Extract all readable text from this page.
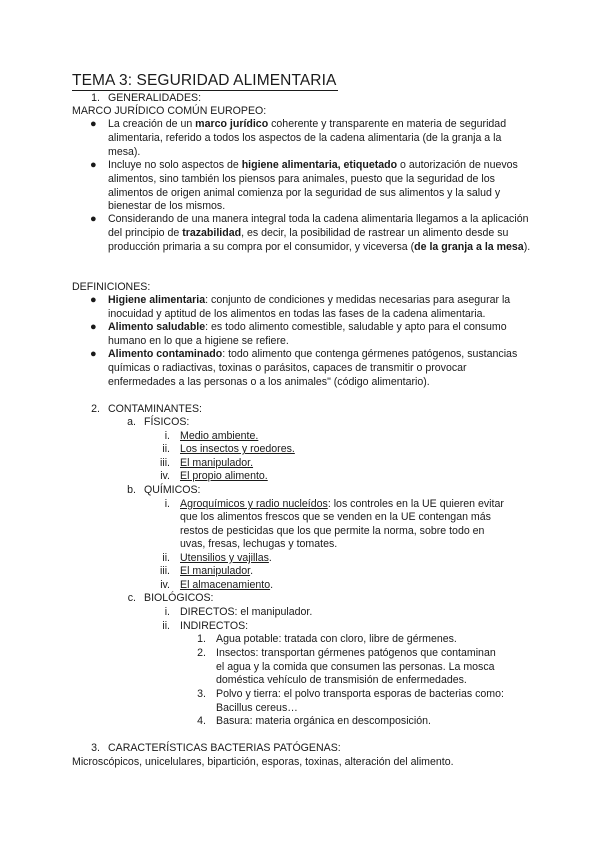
TEMA 3: SEGURIDAD ALIMENTARIA
1. GENERALIDADES:
MARCO JURÍDICO COMÚN EUROPEO:
● La creación de un marco jurídico coherente y transparente en materia de seguridad alimentaria, referido a todos los aspectos de la cadena alimentaria (de la granja a la mesa).
● Incluye no solo aspectos de higiene alimentaria, etiquetado o autorización de nuevos alimentos, sino también los piensos para animales, puesto que la seguridad de los alimentos de origen animal comienza por la seguridad de sus alimentos y la salud y bienestar de los mismos.
● Considerando de una manera integral toda la cadena alimentaria llegamos a la aplicación del principio de trazabilidad, es decir, la posibilidad de rastrear un alimento desde su producción primaria a su compra por el consumidor, y viceversa (de la granja a la mesa).
DEFINICIONES:
● Higiene alimentaria: conjunto de condiciones y medidas necesarias para asegurar la inocuidad y aptitud de los alimentos en todas las fases de la cadena alimentaria.
● Alimento saludable: es todo alimento comestible, saludable y apto para el consumo humano en lo que a higiene se refiere.
● Alimento contaminado: todo alimento que contenga gérmenes patógenos, sustancias químicas o radiactivas, toxinas o parásitos, capaces de transmitir o provocar enfermedades a las personas o a los animales" (código alimentario).
2. CONTAMINANTES:
a. FÍSICOS:
i. Medio ambiente.
ii. Los insectos y roedores.
iii. El manipulador.
iv. El propio alimento.
b. QUÍMICOS:
i. Agroquímicos y radio nucleídos: los controles en la UE quieren evitar que los alimentos frescos que se venden en la UE contengan más restos de pesticidas que los que permite la norma, sobre todo en uvas, fresas, lechugas y tomates.
ii. Utensilios y vajillas.
iii. El manipulador.
iv. El almacenamiento.
c. BIOLÓGICOS:
i. DIRECTOS: el manipulador.
ii. INDIRECTOS:
1. Agua potable: tratada con cloro, libre de gérmenes.
2. Insectos: transportan gérmenes patógenos que contaminan el agua y la comida que consumen las personas. La mosca doméstica vehículo de transmisión de enfermedades.
3. Polvo y tierra: el polvo transporta esporas de bacterias como: Bacillus cereus…
4. Basura: materia orgánica en descomposición.
3. CARACTERÍSTICAS BACTERIAS PATÓGENAS:
Microscópicos, unicelulares, bipartición, esporas, toxinas, alteración del alimento.
